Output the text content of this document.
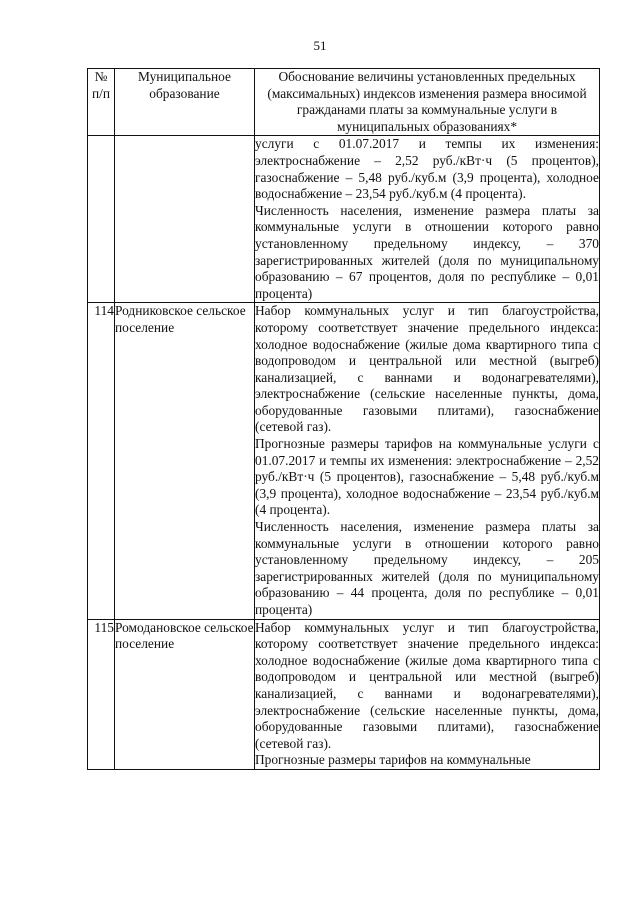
51
№ п/п	Муниципальное образование	Обоснование величины установленных предельных (максимальных) индексов изменения размера вносимой гражданами платы за коммунальные услуги в муниципальных образованиях*

		услуги с 01.07.2017 и темпы их изменения: электроснабжение – 2,52 руб./кВт·ч (5 процентов), газоснабжение – 5,48 руб./куб.м (3,9 процента), холодное водоснабжение – 23,54 руб./куб.м (4 процента).

Численность населения, изменение размера платы за коммунальные услуги в отношении которого равно установленному предельному индексу, – 370 зарегистрированных жителей (доля по муниципальному образованию – 67 процентов, доля по республике – 0,01 процента)

114	Родниковское сельское поселение	Набор коммунальных услуг и тип благоустройства, которому соответствует значение предельного индекса: холодное водоснабжение (жилые дома квартирного типа с водопроводом и центральной или местной (выгреб) канализацией, с ваннами и водонагревателями), электроснабжение (сельские населенные пункты, дома, оборудованные газовыми плитами), газоснабжение (сетевой газ).

Прогнозные размеры тарифов на коммунальные услуги с 01.07.2017 и темпы их изменения: электроснабжение – 2,52 руб./кВт·ч (5 процентов), газоснабжение – 5,48 руб./куб.м (3,9 процента), холодное водоснабжение – 23,54 руб./куб.м (4 процента).

Численность населения, изменение размера платы за коммунальные услуги в отношении которого равно установленному предельному индексу, – 205 зарегистрированных жителей (доля по муниципальному образованию – 44 процента, доля по республике – 0,01 процента)

115	Ромодановское сельское поселение	Набор коммунальных услуг и тип благоустройства, которому соответствует значение предельного индекса: холодное водоснабжение (жилые дома квартирного типа с водопроводом и центральной или местной (выгреб) канализацией, с ваннами и водонагревателями), электроснабжение (сельские населенные пункты, дома, оборудованные газовыми плитами), газоснабжение (сетевой газ).

Прогнозные размеры тарифов на коммунальные
